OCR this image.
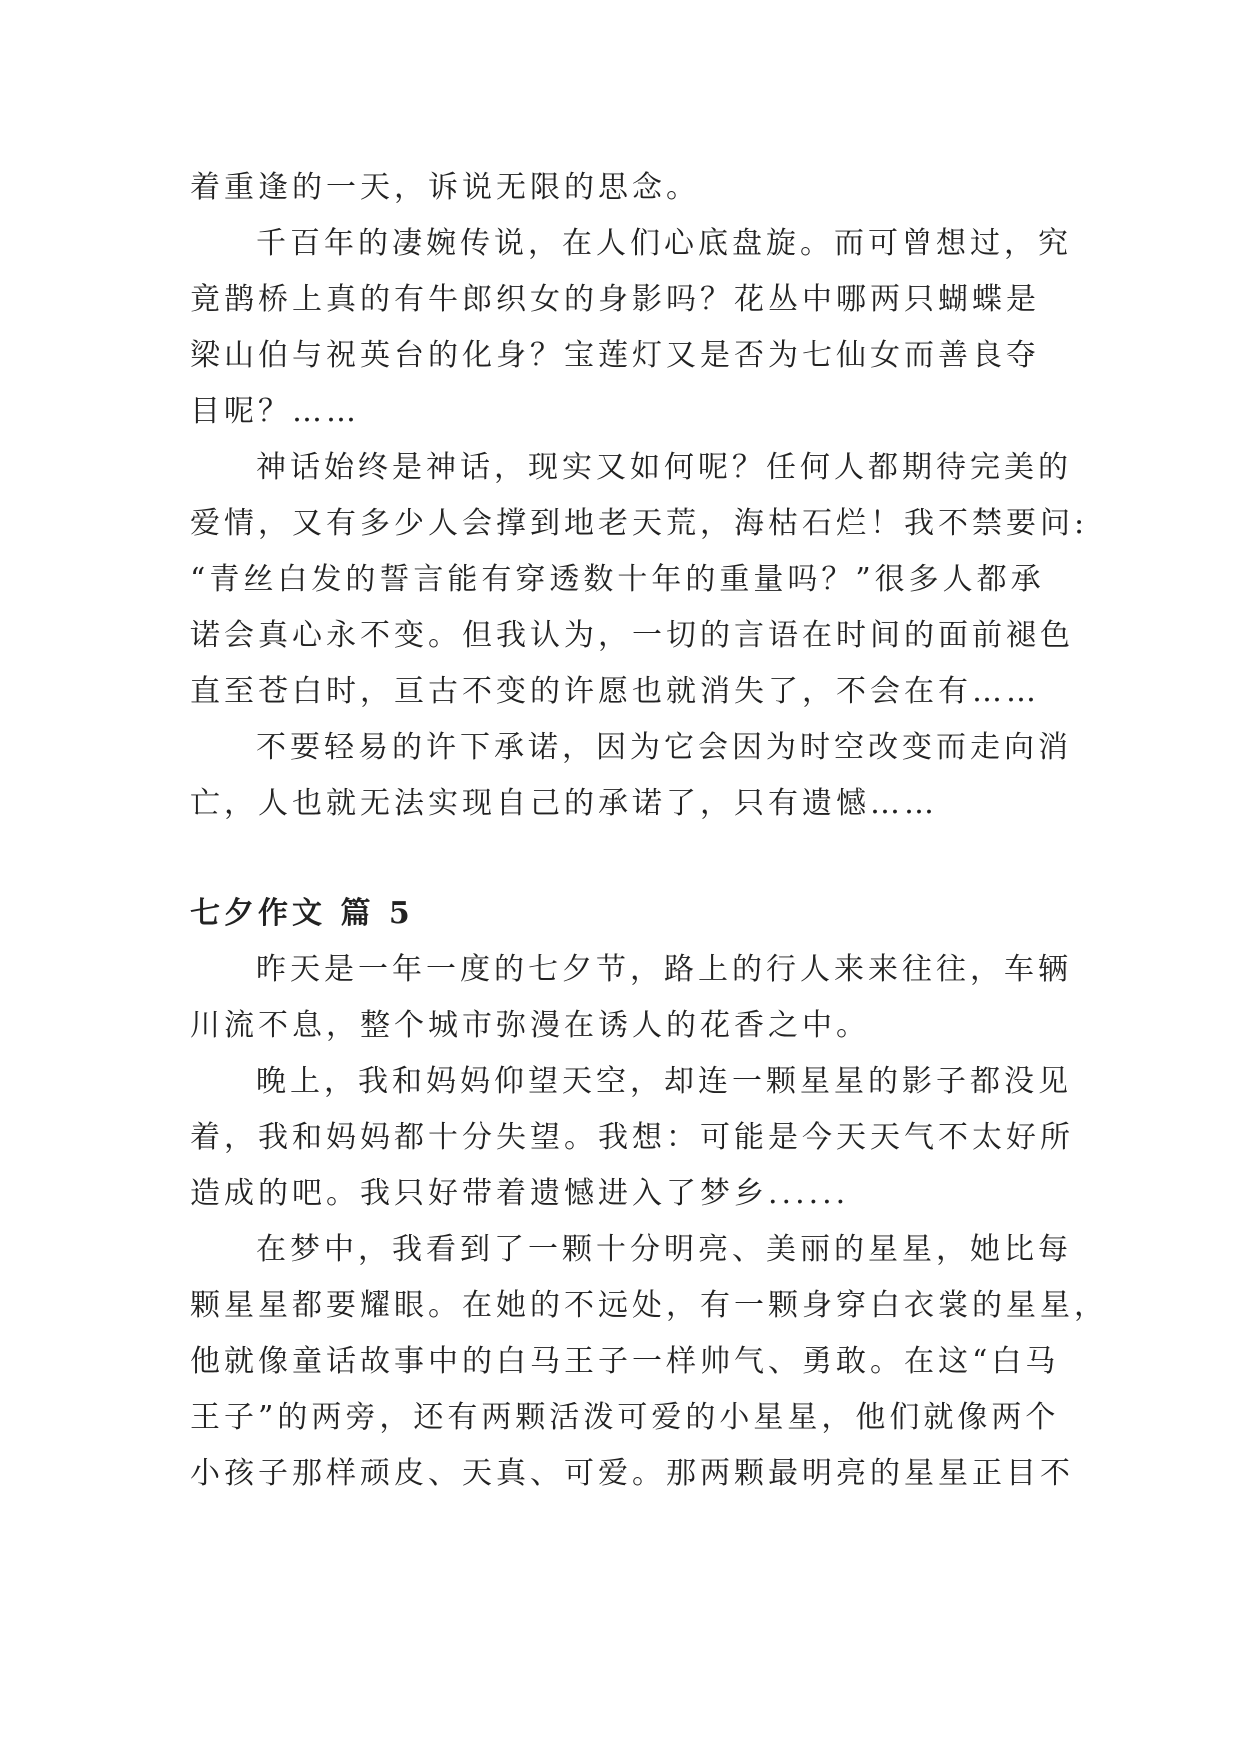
着重逢的一天，诉说无限的思念。

千百年的凄婉传说，在人们心底盘旋。而可曾想过，究

竟鹊桥上真的有牛郎织女的身影吗？花丛中哪两只蝴蝶是

梁山伯与祝英台的化身？宝莲灯又是否为七仙女而善良夺

目呢？……

神话始终是神话，现实又如何呢？任何人都期待完美的

爱情，又有多少人会撑到地老天荒，海枯石烂！我不禁要问:

“青丝白发的誓言能有穿透数十年的重量吗？”很多人都承

诺会真心永不变。但我认为，一切的言语在时间的面前褪色

直至苍白时，亘古不变的许愿也就消失了，不会在有……

不要轻易的许下承诺，因为它会因为时空改变而走向消

亡，人也就无法实现自己的承诺了，只有遗憾……

七夕作文 篇 5

昨天是一年一度的七夕节，路上的行人来来往往，车辆

川流不息，整个城市弥漫在诱人的花香之中。

晚上，我和妈妈仰望天空，却连一颗星星的影子都没见

着，我和妈妈都十分失望。我想：可能是今天天气不太好所

造成的吧。我只好带着遗憾进入了梦乡......

在梦中，我看到了一颗十分明亮、美丽的星星，她比每

颗星星都要耀眼。在她的不远处，有一颗身穿白衣裳的星星，

他就像童话故事中的白马王子一样帅气、勇敢。在这“白马

王子”的两旁，还有两颗活泼可爱的小星星，他们就像两个

小孩子那样顽皮、天真、可爱。那两颗最明亮的星星正目不
